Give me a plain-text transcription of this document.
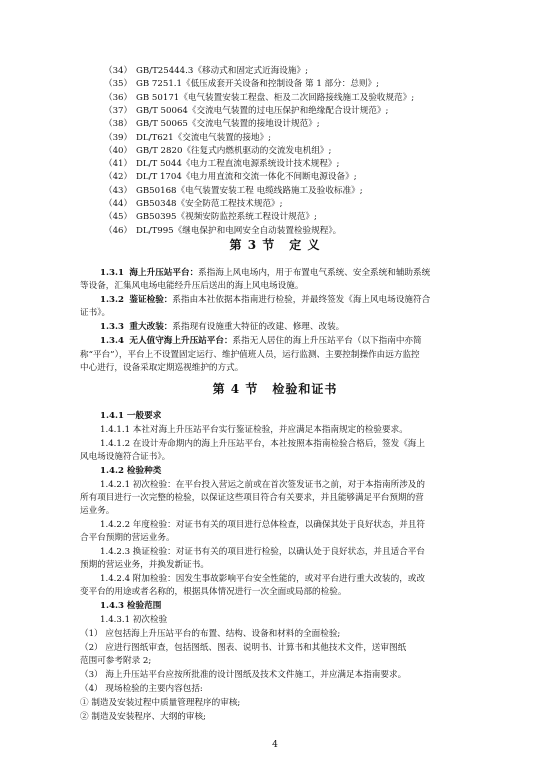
（34） GB/T25444.3《移动式和固定式近海设施》;
（35） GB 7251.1《低压成套开关设备和控制设备 第 1 部分：总则》;
（36） GB 50171《电气装置安装工程盘、柜及二次回路接线施工及验收规范》;
（37） GB/T 50064《交流电气装置的过电压保护和绝缘配合设计规范》;
（38） GB/T 50065《交流电气装置的接地设计规范》;
（39） DL/T621《交流电气装置的接地》;
（40） GB/T 2820《往复式内燃机驱动的交流发电机组》;
（41） DL/T 5044《电力工程直流电源系统设计技术规程》;
（42） DL/T 1704《电力用直流和交流一体化不间断电源设备》;
（43） GB50168《电气装置安装工程 电缆线路施工及验收标准》;
（44） GB50348《安全防范工程技术规范》;
（45） GB50395《视频安防监控系统工程设计规范》;
（46） DL/T995《继电保护和电网安全自动装置检验规程》。
第 3 节 定 义
1.3.1 海上升压站平台：系指海上风电场内，用于布置电气系统、安全系统和辅助系统
等设备，汇集风电场电能经升压后送出的海上风电场设施。
1.3.2 鉴证检验：系指由本社依据本指南进行检验，并最终签发《海上风电场设施符合
证书》。
1.3.3 重大改装：系指现有设施重大特征的改建、修理、改装。
1.3.4 无人值守海上升压站平台：系指无人居住的海上升压站平台（以下指南中亦简
称“平台”），平台上不设置固定运行、维护值班人员，运行监测、主要控制操作由远方监控
中心进行，设备采取定期巡视维护的方式。
第 4 节 检验和证书
1.4.1 一般要求
1.4.1.1 本社对海上升压站平台实行鉴证检验，并应满足本指南规定的检验要求。
1.4.1.2 在设计寿命期内的海上升压站平台，本社按照本指南检验合格后，签发《海上
风电场设施符合证书》。
1.4.2 检验种类
1.4.2.1 初次检验：在平台投入营运之前或在首次签发证书之前，对于本指南所涉及的
所有项目进行一次完整的检验，以保证这些项目符合有关要求，并且能够满足平台预期的营
运业务。
1.4.2.2 年度检验：对证书有关的项目进行总体检查，以确保其处于良好状态，并且符
合平台预期的营运业务。
1.4.2.3 换证检验：对证书有关的项目进行检验，以确认处于良好状态，并且适合平台
预期的营运业务，并换发新证书。
1.4.2.4 附加检验：因发生事故影响平台安全性能的，或对平台进行重大改装的，或改
变平台的用途或者名称的，根据具体情况进行一次全面或局部的检验。
1.4.3 检验范围
1.4.3.1 初次检验
（1） 应包括海上升压站平台的布置、结构、设备和材料的全面检验;
（2） 应进行图纸审查，包括图纸、图表、说明书、计算书和其他技术文件，送审图纸
范围可参考附录 2;
（3） 海上升压站平台应按所批准的设计图纸及技术文件施工，并应满足本指南要求。
（4） 现场检验的主要内容包括:
① 制造及安装过程中质量管理程序的审核;
② 制造及安装程序、大纲的审核;
4
